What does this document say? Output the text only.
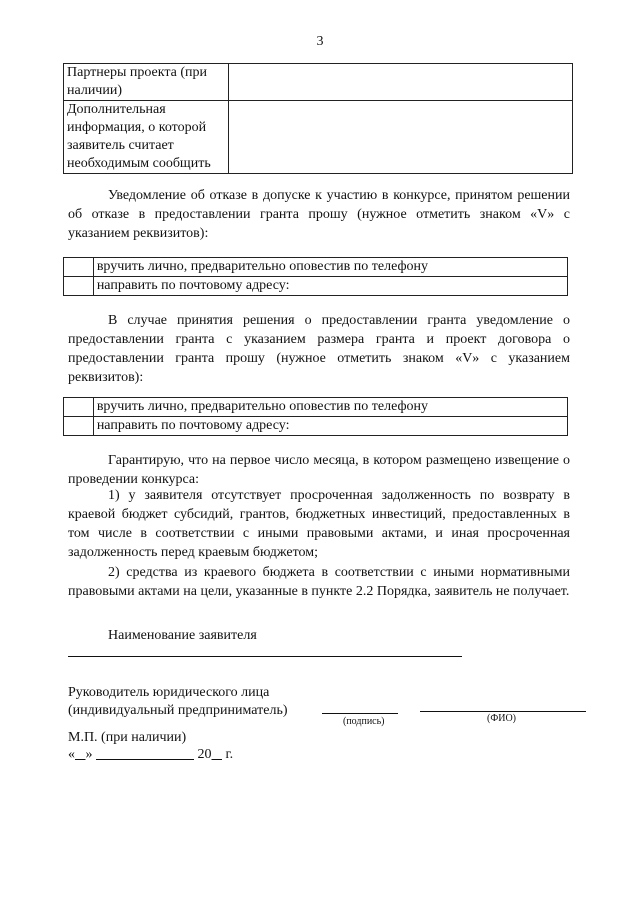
3
Партнеры проекта (при наличии)	
Дополнительная информация, о которой заявитель считает необходимым сообщить	
Уведомление об отказе в допуске к участию в конкурсе, принятом решении об отказе в предоставлении гранта прошу (нужное отметить знаком «V» с указанием реквизитов):
	вручить лично, предварительно оповестив по телефону
	направить по почтовому адресу:
В случае принятия решения о предоставлении гранта уведомление о предоставлении гранта с указанием размера гранта и проект договора о предоставлении гранта прошу (нужное отметить знаком «V» с указанием реквизитов):
	вручить лично, предварительно оповестив по телефону
	направить по почтовому адресу:
Гарантирую, что на первое число месяца, в котором размещено извещение о проведении конкурса:
1) у заявителя отсутствует просроченная задолженность по возврату в краевой бюджет субсидий, грантов, бюджетных инвестиций, предоставленных в том числе в соответствии с иными правовыми актами, и иная просроченная задолженность перед краевым бюджетом;
2) средства из краевого бюджета в соответствии с иными нормативными правовыми актами на цели, указанные в пункте 2.2 Порядка, заявитель не получает.
Наименование заявителя
Руководитель юридического лица
(индивидуальный предприниматель)
(подпись)	(ФИО)
М.П. (при наличии)
« »	20 г.
